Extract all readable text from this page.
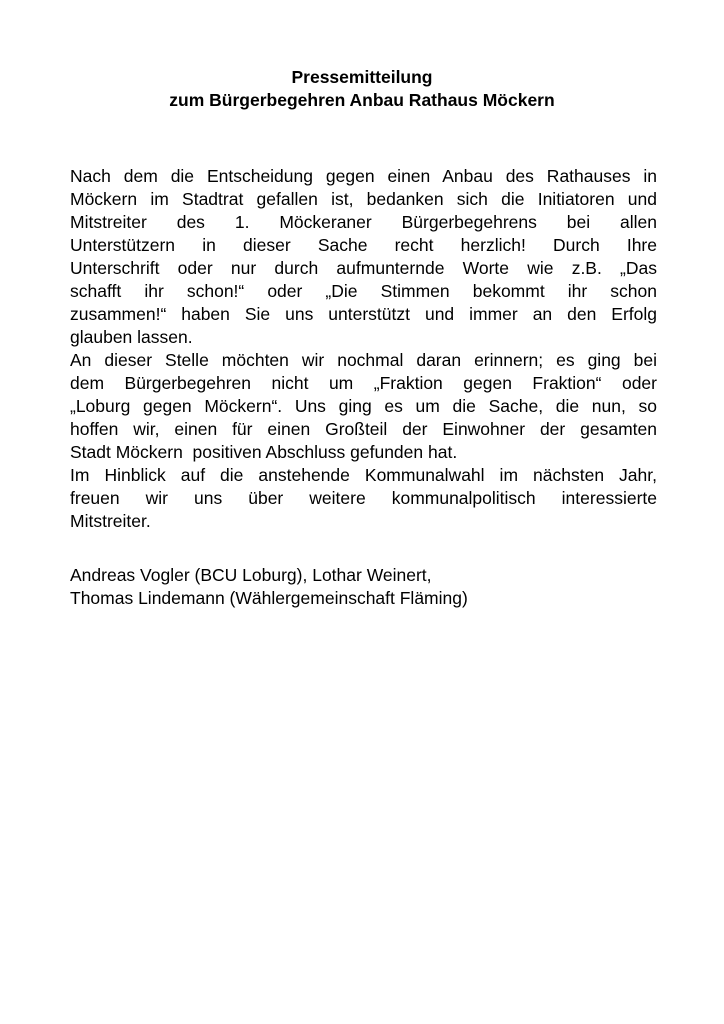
Pressemitteilung
zum Bürgerbegehren Anbau Rathaus Möckern
Nach dem die Entscheidung gegen einen Anbau des Rathauses in
Möckern im Stadtrat gefallen ist, bedanken sich die Initiatoren und
Mitstreiter des 1. Möckeraner Bürgerbegehrens bei allen
Unterstützern in dieser Sache recht herzlich! Durch Ihre
Unterschrift oder nur durch aufmunternde Worte wie z.B. „Das
schafft ihr schon!“ oder „Die Stimmen bekommt ihr schon
zusammen!“ haben Sie uns unterstützt und immer an den Erfolg
glauben lassen.
An dieser Stelle möchten wir nochmal daran erinnern; es ging bei
dem Bürgerbegehren nicht um „Fraktion gegen Fraktion“ oder
„Loburg gegen Möckern“. Uns ging es um die Sache, die nun, so
hoffen wir, einen für einen Großteil der Einwohner der gesamten
Stadt Möckern  positiven Abschluss gefunden hat.
Im Hinblick auf die anstehende Kommunalwahl im nächsten Jahr,
freuen wir uns über weitere kommunalpolitisch interessierte
Mitstreiter.
Andreas Vogler (BCU Loburg), Lothar Weinert,
Thomas Lindemann (Wählergemeinschaft Fläming)
